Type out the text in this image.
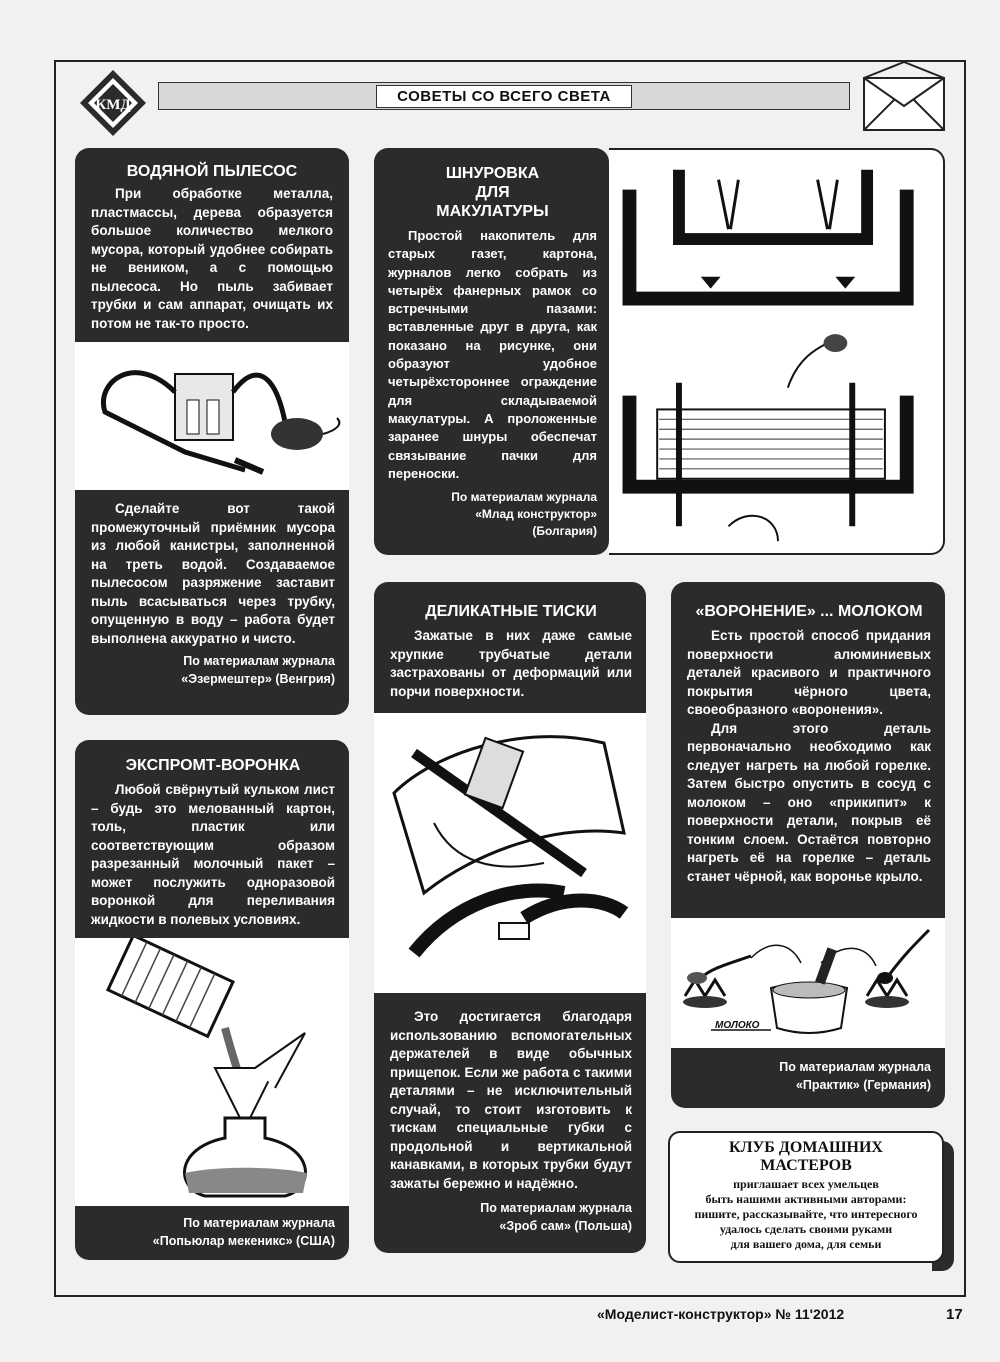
КМД
СОВЕТЫ СО ВСЕГО СВЕТА
ВОДЯНОЙ ПЫЛЕСОС

При обработке металла, пластмассы, дерева образуется большое количество мелкого мусора, который удобнее собирать не веником, а с помощью пылесоса. Но пыль забивает трубки и сам аппарат, очищать их потом не так-то просто.

Сделайте вот такой промежуточный приёмник мусора из любой канистры, заполненной на треть водой. Создаваемое пылесосом разряжение заставит пыль всасываться через трубку, опущенную в воду – работа будет выполнена аккуратно и чисто.

По материалам журнала
«Эзермештер» (Венгрия)
ШНУРОВКА
ДЛЯ
МАКУЛАТУРЫ

Простой накопитель для старых газет, картона, журналов легко собрать из четырёх фанерных рамок со встречными пазами: вставленные друг в друга, как показано на рисунке, они образуют удобное четырёхстороннее ограждение для складываемой макулатуры. А проложенные заранее шнуры обеспечат связывание пачки для переноски.

По материалам журнала
«Млад конструктор»
(Болгария)
ДЕЛИКАТНЫЕ ТИСКИ

Зажатые в них даже самые хрупкие трубчатые детали застрахованы от деформаций или порчи поверхности.

Это достигается благодаря использованию вспомогательных держателей в виде обычных прищепок. Если же работа с такими деталями – не исключительный случай, то стоит изготовить к тискам специальные губки с продольной и вертикальной канавками, в которых трубки будут зажаты бережно и надёжно.

По материалам журнала
«Зроб сам» (Польша)
«ВОРОНЕНИЕ» ... МОЛОКОМ

Есть простой способ придания поверхности алюминиевых деталей красивого и практичного покрытия чёрного цвета, своеобразного «воронения».

Для этого деталь первоначально необходимо как следует нагреть на любой горелке. Затем быстро опустить в сосуд с молоком – оно «прикипит» к поверхности детали, покрыв её тонким слоем. Остаётся повторно нагреть её на горелке – деталь станет чёрной, как воронье крыло.

По материалам журнала
«Практик» (Германия)
МОЛОКО
ЭКСПРОМТ-ВОРОНКА

Любой свёрнутый кульком лист – будь это мелованный картон, толь, пластик или соответствующим образом разрезанный молочный пакет – может послужить одноразовой воронкой для переливания жидкости в полевых условиях.

По материалам журнала
«Попьюлар мекеникс» (США)
КЛУБ ДОМАШНИХ
МАСТЕРОВ

приглашает всех умельцев
быть нашими активными авторами:
пишите, рассказывайте, что интересного
удалось сделать своими руками
для вашего дома, для семьи

«Моделист-конструктор» № 11'2012	17
